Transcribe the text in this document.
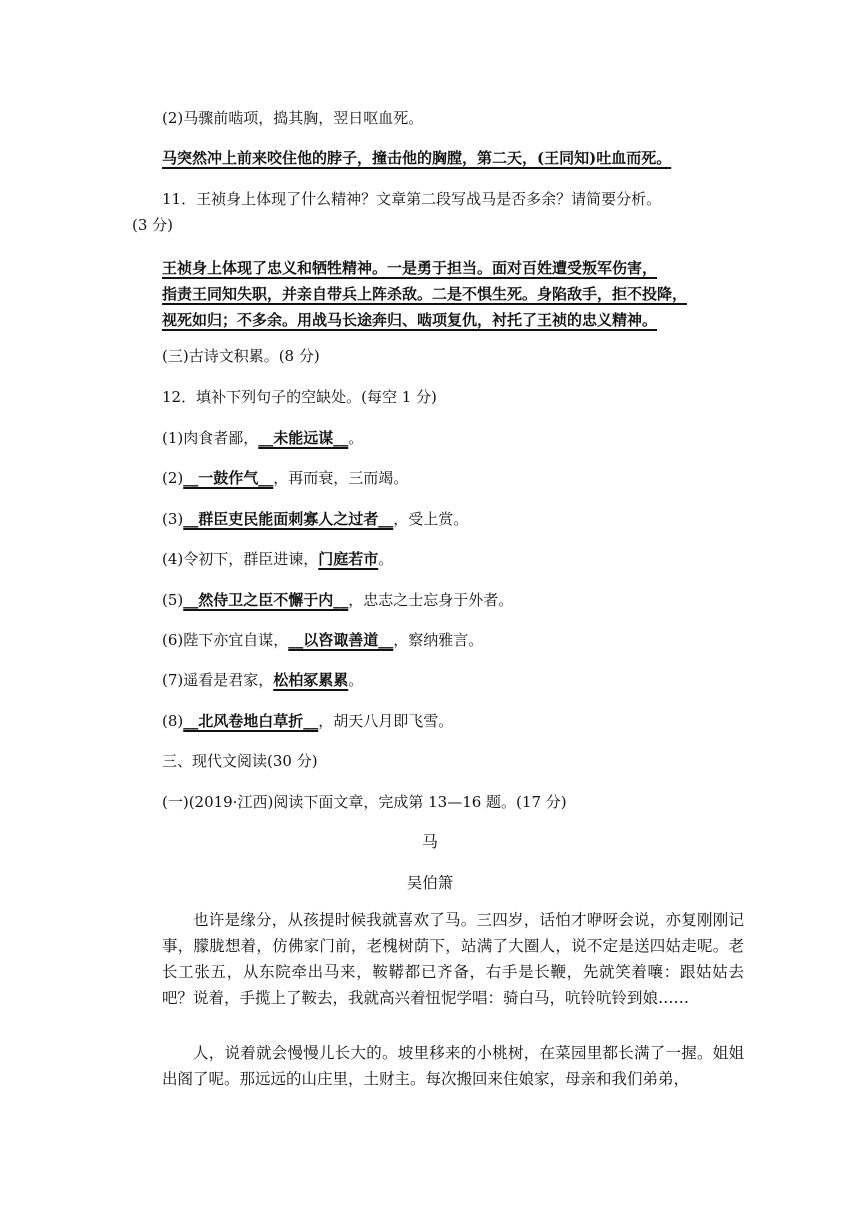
(2)马骤前啮项，捣其胸，翌日呕血死。
马突然冲上前来咬住他的脖子，撞击他的胸膛，第二天，(王同知)吐血而死。
11．王祯身上体现了什么精神？文章第二段写战马是否多余？请简要分析。
(3 分)
王祯身上体现了忠义和牺牲精神。一是勇于担当。面对百姓遭受叛军伤害，
指责王同知失职，并亲自带兵上阵杀敌。二是不惧生死。身陷敌手，拒不投降，
视死如归；不多余。用战马长途奔归、啮项复仇，衬托了王祯的忠义精神。
(三)古诗文积累。(8 分)
12．填补下列句子的空缺处。(每空 1 分)
(1)肉食者鄙，__未能远谋__。
(2)__一鼓作气__，再而衰，三而竭。
(3)__群臣吏民能面刺寡人之过者__，受上赏。
(4)令初下，群臣进谏，门庭若市。
(5)__然侍卫之臣不懈于内__，忠志之士忘身于外者。
(6)陛下亦宜自谋，__以咨诹善道__，察纳雅言。
(7)遥看是君家，松柏冢累累。
(8)__北风卷地白草折__，胡天八月即飞雪。
三、现代文阅读(30 分)
(一)(2019·江西)阅读下面文章，完成第 13—16 题。(17 分)
马
吴伯箫
也许是缘分，从孩提时候我就喜欢了马。三四岁，话怕才咿呀会说，亦复刚刚记事，朦胧想着，仿佛家门前，老槐树荫下，站满了大圈人，说不定是送四姑走呢。老长工张五，从东院牵出马来，鞍鞯都已齐备，右手是长鞭，先就笑着嚷：跟姑姑去吧？说着，手揽上了鞍去，我就高兴着忸怩学唱：骑白马，吭铃吭铃到娘……
人，说着就会慢慢儿长大的。坡里移来的小桃树，在菜园里都长满了一握。姐姐出阁了呢。那远远的山庄里，土财主。每次搬回来住娘家，母亲和我们弟弟，
